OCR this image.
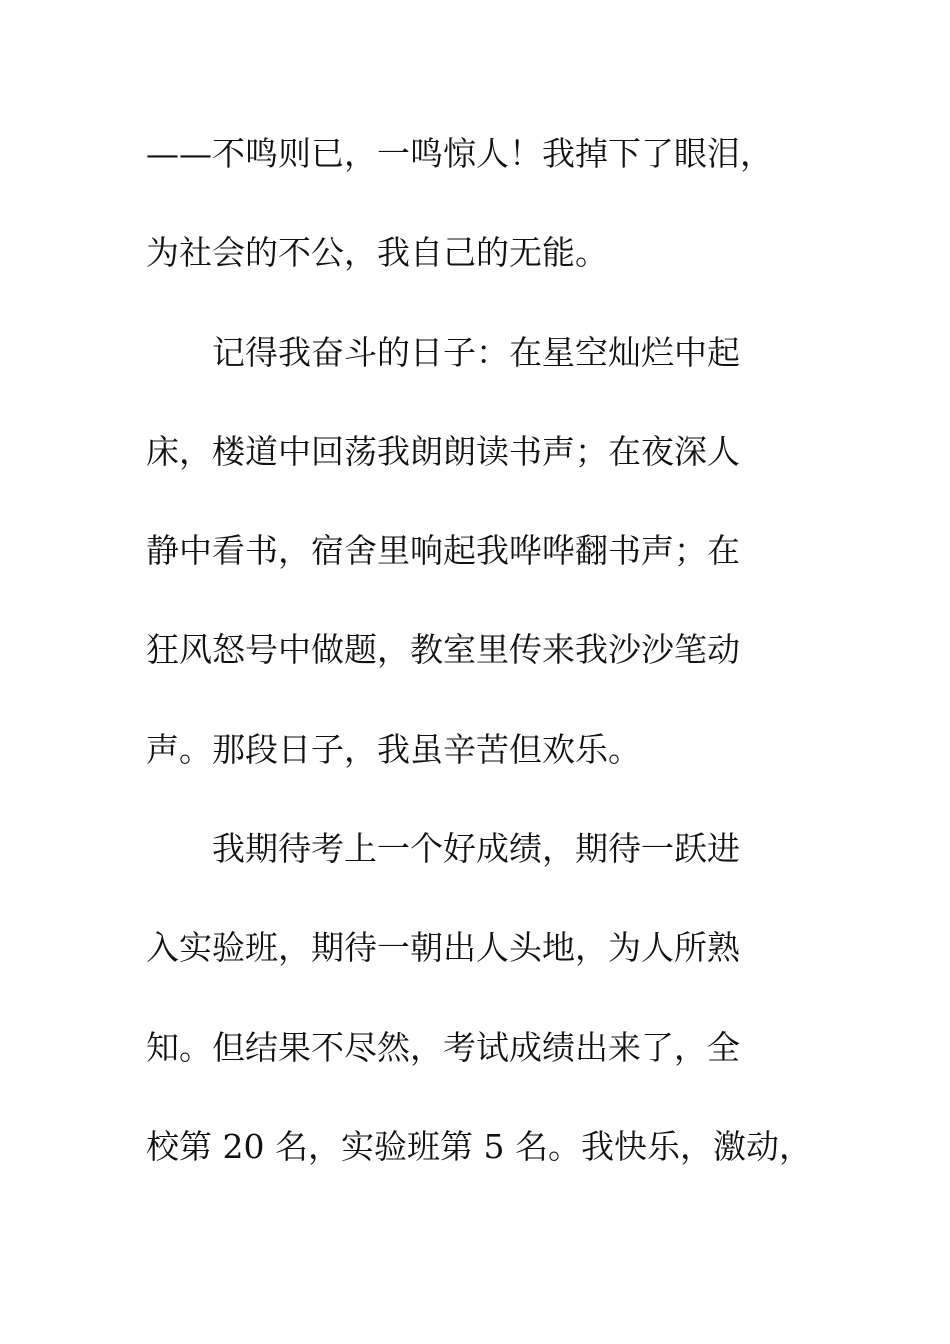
——不鸣则已，一鸣惊人！我掉下了眼泪，

为社会的不公，我自己的无能。

　　记得我奋斗的日子：在星空灿烂中起

床，楼道中回荡我朗朗读书声；在夜深人

静中看书，宿舍里响起我哗哗翻书声；在

狂风怒号中做题，教室里传来我沙沙笔动

声。那段日子，我虽辛苦但欢乐。

　　我期待考上一个好成绩，期待一跃进

入实验班，期待一朝出人头地，为人所熟

知。但结果不尽然，考试成绩出来了，全

校第 20 名，实验班第 5 名。我快乐，激动，
